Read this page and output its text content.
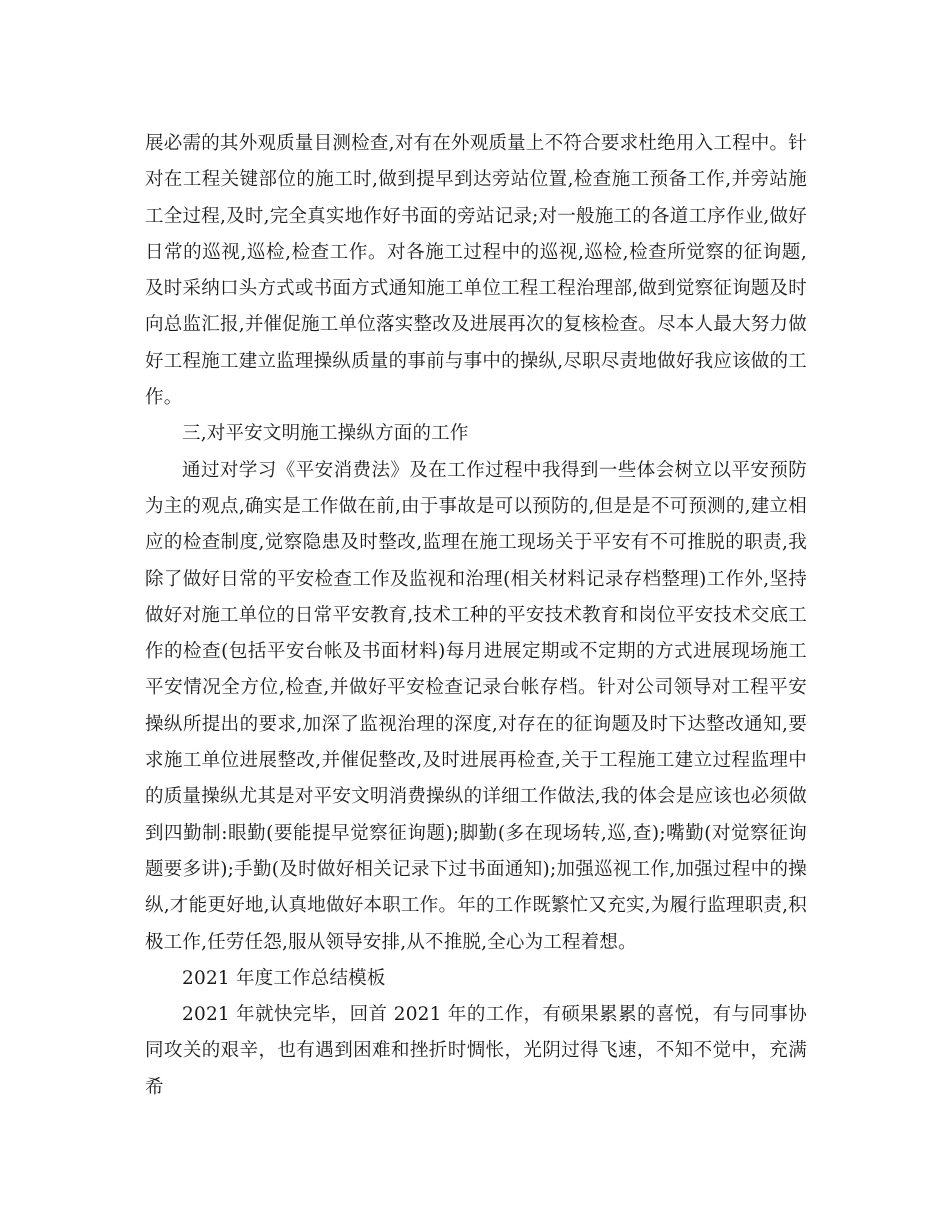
展必需的其外观质量目测检查,对有在外观质量上不符合要求杜绝用入工程中。针对在工程关键部位的施工时,做到提早到达旁站位置,检查施工预备工作,并旁站施工全过程,及时,完全真实地作好书面的旁站记录;对一般施工的各道工序作业,做好日常的巡视,巡检,检查工作。对各施工过程中的巡视,巡检,检查所觉察的征询题,及时采纳口头方式或书面方式通知施工单位工程工程治理部,做到觉察征询题及时向总监汇报,并催促施工单位落实整改及进展再次的复核检查。尽本人最大努力做好工程施工建立监理操纵质量的事前与事中的操纵,尽职尽责地做好我应该做的工作。

三,对平安文明施工操纵方面的工作

通过对学习《平安消费法》及在工作过程中我得到一些体会树立以平安预防为主的观点,确实是工作做在前,由于事故是可以预防的,但是是不可预测的,建立相应的检查制度,觉察隐患及时整改,监理在施工现场关于平安有不可推脱的职责,我除了做好日常的平安检查工作及监视和治理(相关材料记录存档整理)工作外,坚持做好对施工单位的日常平安教育,技术工种的平安技术教育和岗位平安技术交底工作的检查(包括平安台帐及书面材料)每月进展定期或不定期的方式进展现场施工平安情况全方位,检查,并做好平安检查记录台帐存档。针对公司领导对工程平安操纵所提出的要求,加深了监视治理的深度,对存在的征询题及时下达整改通知,要求施工单位进展整改,并催促整改,及时进展再检查,关于工程施工建立过程监理中的质量操纵尤其是对平安文明消费操纵的详细工作做法,我的体会是应该也必须做到四勤制:眼勤(要能提早觉察征询题);脚勤(多在现场转,巡,查);嘴勤(对觉察征询题要多讲);手勤(及时做好相关记录下过书面通知);加强巡视工作,加强过程中的操纵,才能更好地,认真地做好本职工作。年的工作既繁忙又充实,为履行监理职责,积极工作,任劳任怨,服从领导安排,从不推脱,全心为工程着想。

2021 年度工作总结模板

2021 年就快完毕，回首 2021 年的工作，有硕果累累的喜悦，有与同事协同攻关的艰辛，也有遇到困难和挫折时惆怅，光阴过得飞速，不知不觉中，充满希
